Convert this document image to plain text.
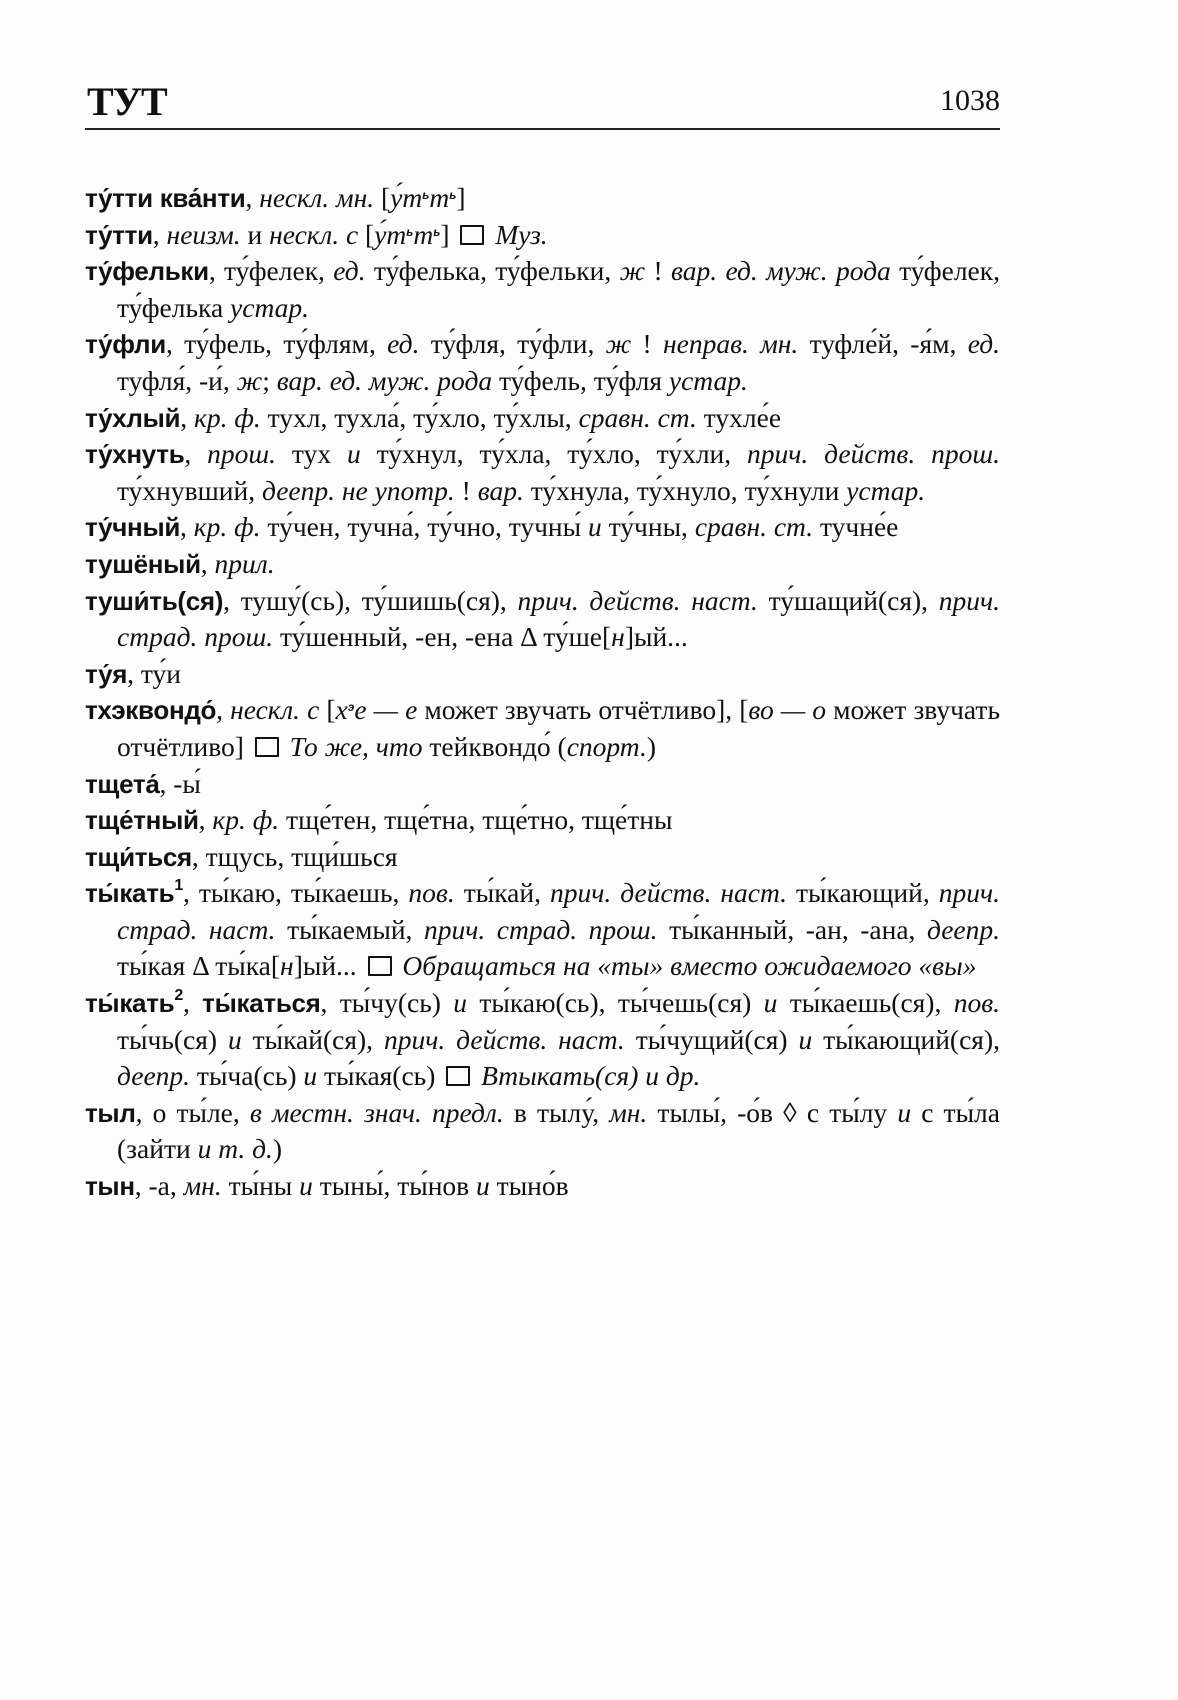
ТУТ	1038

ту́тти ква́нти, нескл. мн. $[у́т^ьт^ь]$

ту́тти, неизм. и нескл. с $[у́т^ьт^ь]$  Муз.

ту́фельки, ту́фелек, ед. ту́фелька, ту́фельки, ж ! вар. ед. муж. рода ту́фелек, ту́фелька устар.

ту́фли, ту́фель, ту́флям, ед. ту́фля, ту́фли, ж ! неправ. мн. туфле́й, -я́м, ед. туфля́, -и́, ж; вар. ед. муж. рода ту́фель, ту́фля устар.

ту́хлый, кр. ф. тухл, тухла́, ту́хло, ту́хлы, сравн. ст. тухле́е

ту́хнуть, прош. тух и ту́хнул, ту́хла, ту́хло, ту́хли, прич. действ. прош. ту́хнувший, деепр. не употр. ! вар. ту́хнула, ту́хнуло, ту́хнули устар.

ту́чный, кр. ф. ту́чен, тучна́, ту́чно, тучны́ и ту́чны, сравн. ст. тучне́е

тушёный, прил.

туши́ть(ся), тушу́(сь), ту́шишь(ся), прич. действ. наст. ту́шащий(ся), прич. страд. прош. ту́шенный, -ен, -ена Δ ту́ше[н]ый...

ту́я, ту́и

тхэквондо́, нескл. с [$х^эе$ — е может звучать отчётливо], [во — о может звучать отчётливо]  То же, что тейквондо́ (спорт.)

тщета́, -ы́

тще́тный, кр. ф. тще́тен, тще́тна, тще́тно, тще́тны

тщи́ться, тщусь, тщи́шься

ты́кать$^1$, ты́каю, ты́каешь, пов. ты́кай, прич. действ. наст. ты́кающий, прич. страд. наст. ты́каемый, прич. страд. прош. ты́канный, -ан, -ана, деепр. ты́кая Δ ты́ка[н]ый...  Обращаться на «ты» вместо ожидаемого «вы»

ты́кать$^2$, ты́каться, ты́чу(сь) и ты́каю(сь), ты́чешь(ся) и ты́каешь(ся), пов. ты́чь(ся) и ты́кай(ся), прич. действ. наст. ты́чущий(ся) и ты́кающий(ся), деепр. ты́ча(сь) и ты́кая(сь)  Втыкать(ся) и др.

тыл, о ты́ле, в местн. знач. предл. в тылу́, мн. тылы́, -о́в ◊ с ты́лу и с ты́ла (зайти и т. д.)

тын, -а, мн. ты́ны и тыны́, ты́нов и тыно́в
